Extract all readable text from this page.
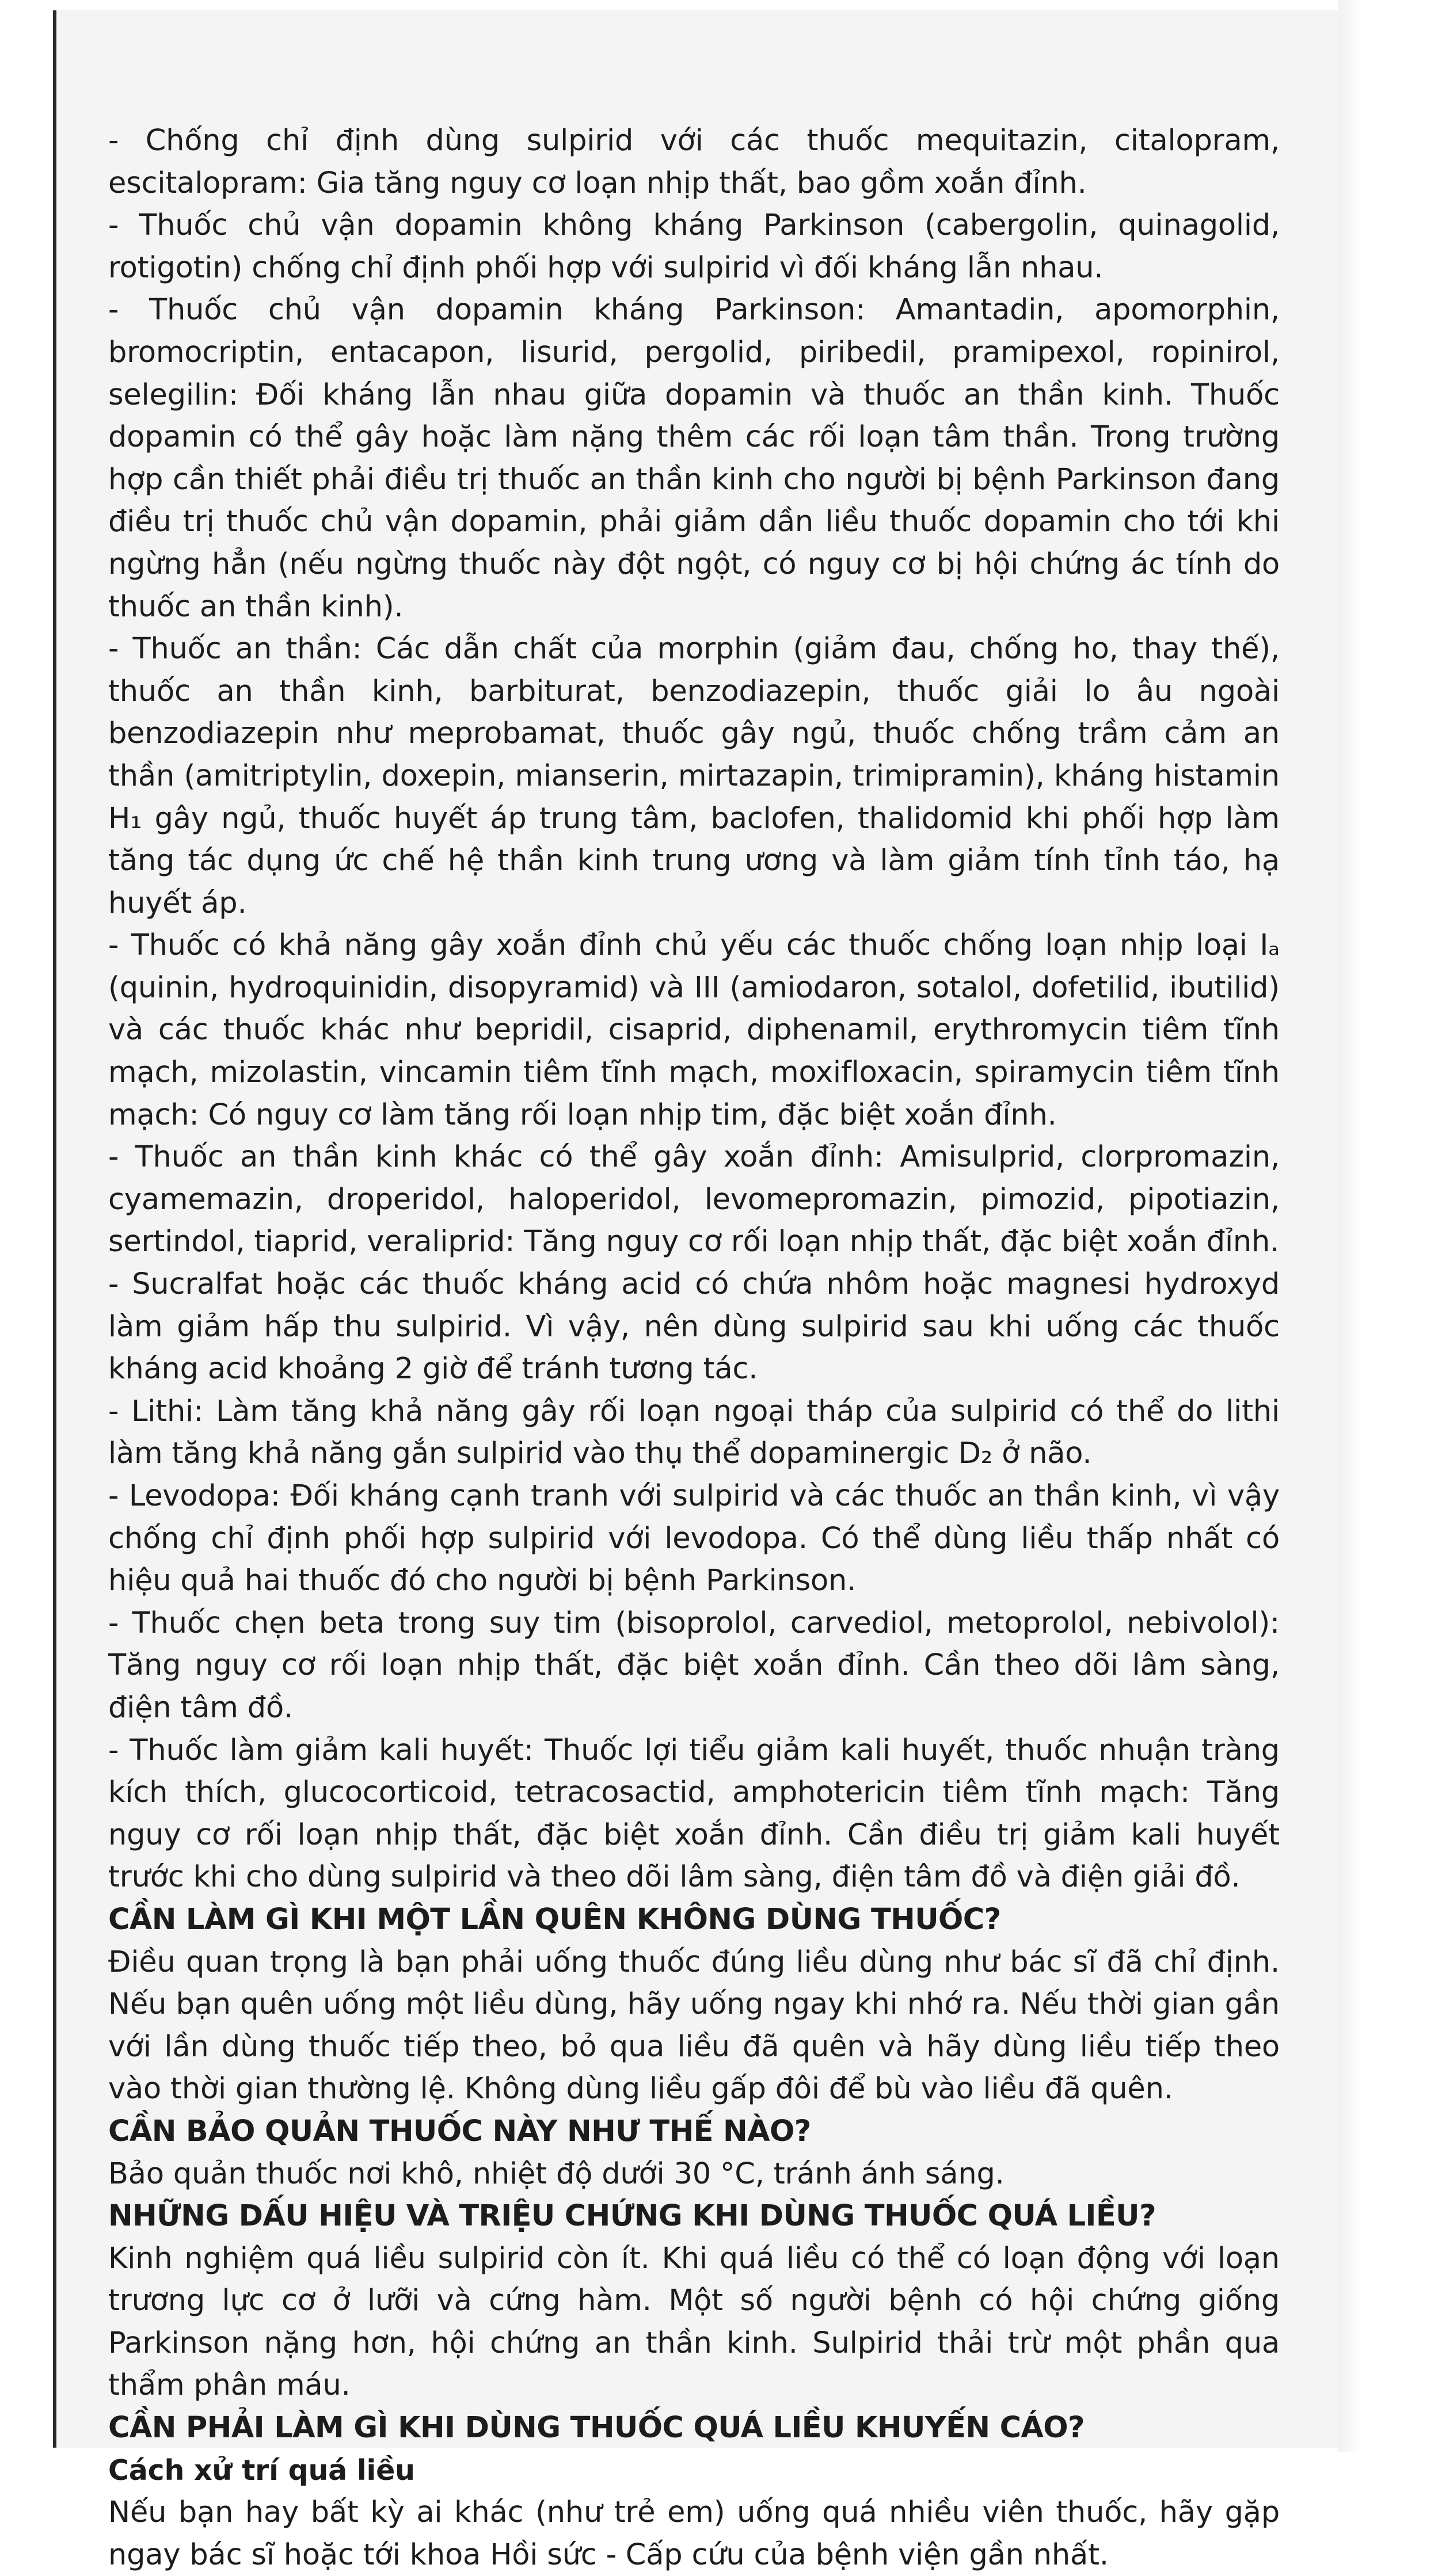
- Chống chỉ định dùng sulpirid với các thuốc mequitazin, citalopram, escitalopram: Gia tăng nguy cơ loạn nhịp thất, bao gồm xoắn đỉnh.

- Thuốc chủ vận dopamin không kháng Parkinson (cabergolin, quinagolid, rotigotin) chống chỉ định phối hợp với sulpirid vì đối kháng lẫn nhau.

- Thuốc chủ vận dopamin kháng Parkinson: Amantadin, apomorphin, bromocriptin, entacapon, lisurid, pergolid, piribedil, pramipexol, ropinirol, selegilin: Đối kháng lẫn nhau giữa dopamin và thuốc an thần kinh. Thuốc dopamin có thể gây hoặc làm nặng thêm các rối loạn tâm thần. Trong trường hợp cần thiết phải điều trị thuốc an thần kinh cho người bị bệnh Parkinson đang điều trị thuốc chủ vận dopamin, phải giảm dần liều thuốc dopamin cho tới khi ngừng hẳn (nếu ngừng thuốc này đột ngột, có nguy cơ bị hội chứng ác tính do thuốc an thần kinh).

- Thuốc an thần: Các dẫn chất của morphin (giảm đau, chống ho, thay thế), thuốc an thần kinh, barbiturat, benzodiazepin, thuốc giải lo âu ngoài benzodiazepin như meprobamat, thuốc gây ngủ, thuốc chống trầm cảm an thần (amitriptylin, doxepin, mianserin, mirtazapin, trimipramin), kháng histamin H₁ gây ngủ, thuốc huyết áp trung tâm, baclofen, thalidomid khi phối hợp làm tăng tác dụng ức chế hệ thần kinh trung ương và làm giảm tính tỉnh táo, hạ huyết áp.

- Thuốc có khả năng gây xoắn đỉnh chủ yếu các thuốc chống loạn nhịp loại Iₐ (quinin, hydroquinidin, disopyramid) và III (amiodaron, sotalol, dofetilid, ibutilid) và các thuốc khác như bepridil, cisaprid, diphenamil, erythromycin tiêm tĩnh mạch, mizolastin, vincamin tiêm tĩnh mạch, moxifloxacin, spiramycin tiêm tĩnh mạch: Có nguy cơ làm tăng rối loạn nhịp tim, đặc biệt xoắn đỉnh.

- Thuốc an thần kinh khác có thể gây xoắn đỉnh: Amisulprid, clorpromazin, cyamemazin, droperidol, haloperidol, levomepromazin, pimozid, pipotiazin, sertindol, tiaprid, veraliprid: Tăng nguy cơ rối loạn nhịp thất, đặc biệt xoắn đỉnh.

- Sucralfat hoặc các thuốc kháng acid có chứa nhôm hoặc magnesi hydroxyd làm giảm hấp thu sulpirid. Vì vậy, nên dùng sulpirid sau khi uống các thuốc kháng acid khoảng 2 giờ để tránh tương tác.

- Lithi: Làm tăng khả năng gây rối loạn ngoại tháp của sulpirid có thể do lithi làm tăng khả năng gắn sulpirid vào thụ thể dopaminergic D₂ ở não.

- Levodopa: Đối kháng cạnh tranh với sulpirid và các thuốc an thần kinh, vì vậy chống chỉ định phối hợp sulpirid với levodopa. Có thể dùng liều thấp nhất có hiệu quả hai thuốc đó cho người bị bệnh Parkinson.

- Thuốc chẹn beta trong suy tim (bisoprolol, carvediol, metoprolol, nebivolol): Tăng nguy cơ rối loạn nhịp thất, đặc biệt xoắn đỉnh. Cần theo dõi lâm sàng, điện tâm đồ.

- Thuốc làm giảm kali huyết: Thuốc lợi tiểu giảm kali huyết, thuốc nhuận tràng kích thích, glucocorticoid, tetracosactid, amphotericin tiêm tĩnh mạch: Tăng nguy cơ rối loạn nhịp thất, đặc biệt xoắn đỉnh. Cần điều trị giảm kali huyết trước khi cho dùng sulpirid và theo dõi lâm sàng, điện tâm đồ và điện giải đồ.

CẦN LÀM GÌ KHI MỘT LẦN QUÊN KHÔNG DÙNG THUỐC?

Điều quan trọng là bạn phải uống thuốc đúng liều dùng như bác sĩ đã chỉ định. Nếu bạn quên uống một liều dùng, hãy uống ngay khi nhớ ra. Nếu thời gian gần với lần dùng thuốc tiếp theo, bỏ qua liều đã quên và hãy dùng liều tiếp theo vào thời gian thường lệ. Không dùng liều gấp đôi để bù vào liều đã quên.

CẦN BẢO QUẢN THUỐC NÀY NHƯ THẾ NÀO?

Bảo quản thuốc nơi khô, nhiệt độ dưới 30 °C, tránh ánh sáng.

NHỮNG DẤU HIỆU VÀ TRIỆU CHỨNG KHI DÙNG THUỐC QUÁ LIỀU?

Kinh nghiệm quá liều sulpirid còn ít. Khi quá liều có thể có loạn động với loạn trương lực cơ ở lưỡi và cứng hàm. Một số người bệnh có hội chứng giống Parkinson nặng hơn, hội chứng an thần kinh. Sulpirid thải trừ một phần qua thẩm phân máu.

CẦN PHẢI LÀM GÌ KHI DÙNG THUỐC QUÁ LIỀU KHUYẾN CÁO?
Cách xử trí quá liều

Nếu bạn hay bất kỳ ai khác (như trẻ em) uống quá nhiều viên thuốc, hãy gặp ngay bác sĩ hoặc tới khoa Hồi sức - Cấp cứu của bệnh viện gần nhất.
